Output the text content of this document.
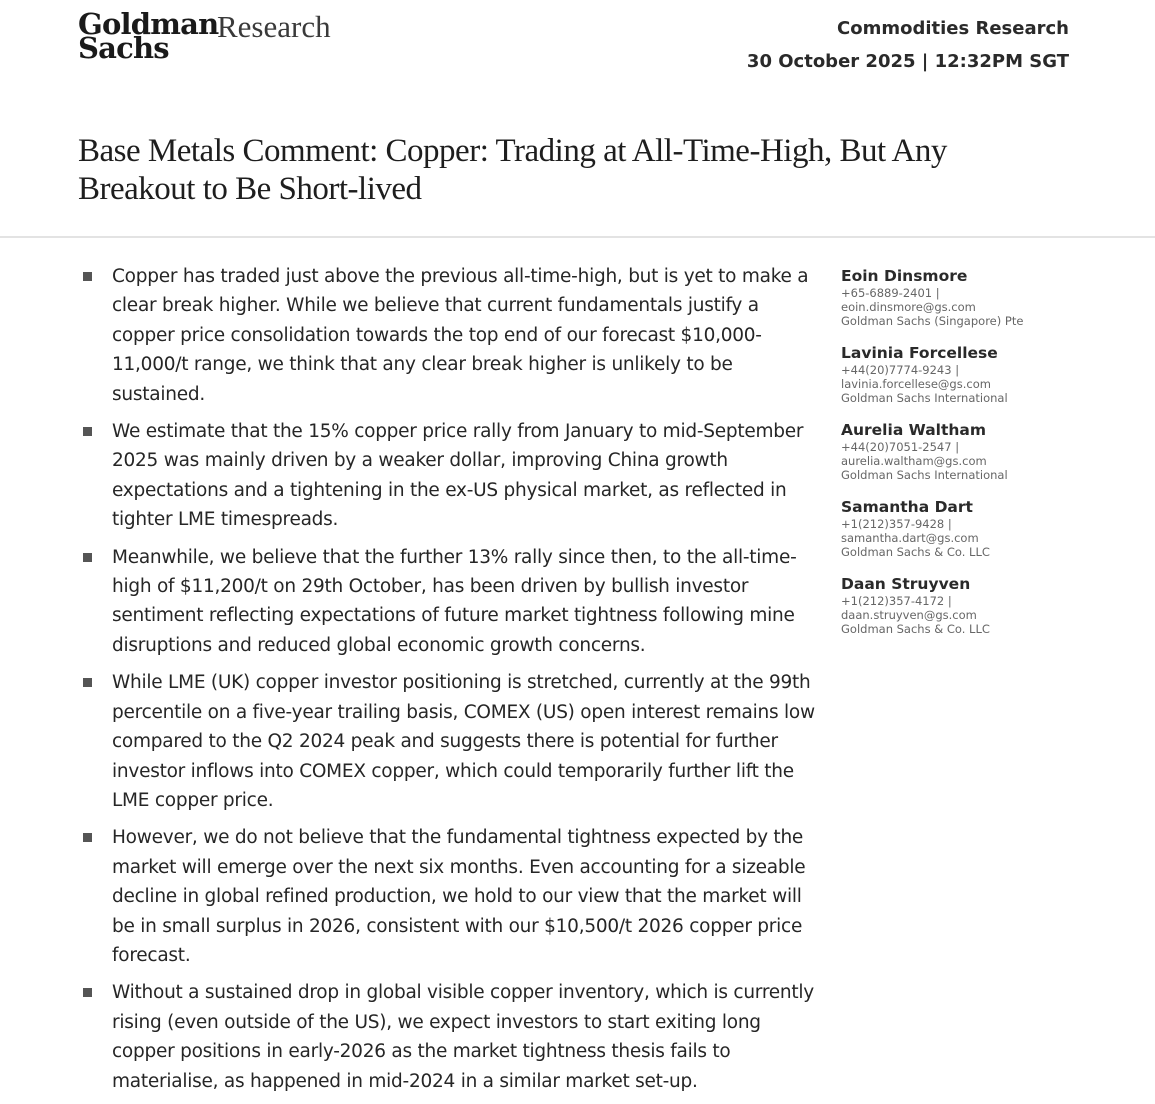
Goldman
Sachs
Research	Commodities Research
30 October 2025 | 12:32PM SGT
Base Metals Comment: Copper: Trading at All-Time-High, But Any
Breakout to Be Short-lived
Copper has traded just above the previous all-time-high, but is yet to make a clear break higher. While we believe that current fundamentals justify a copper price consolidation towards the top end of our forecast $10,000-11,000/t range, we think that any clear break higher is unlikely to be sustained.
We estimate that the 15% copper price rally from January to mid-September 2025 was mainly driven by a weaker dollar, improving China growth expectations and a tightening in the ex-US physical market, as reflected in tighter LME timespreads.
Meanwhile, we believe that the further 13% rally since then, to the all-time-high of $11,200/t on 29th October, has been driven by bullish investor sentiment reflecting expectations of future market tightness following mine disruptions and reduced global economic growth concerns.
While LME (UK) copper investor positioning is stretched, currently at the 99th percentile on a five-year trailing basis, COMEX (US) open interest remains low compared to the Q2 2024 peak and suggests there is potential for further investor inflows into COMEX copper, which could temporarily further lift the LME copper price.
However, we do not believe that the fundamental tightness expected by the market will emerge over the next six months. Even accounting for a sizeable decline in global refined production, we hold to our view that the market will be in small surplus in 2026, consistent with our $10,500/t 2026 copper price forecast.
Without a sustained drop in global visible copper inventory, which is currently rising (even outside of the US), we expect investors to start exiting long copper positions in early-2026 as the market tightness thesis fails to materialise, as happened in mid-2024 in a similar market set-up.
Eoin Dinsmore
+65-6889-2401 |
eoin.dinsmore@gs.com
Goldman Sachs (Singapore) Pte
Lavinia Forcellese
+44(20)7774-9243 |
lavinia.forcellese@gs.com
Goldman Sachs International
Aurelia Waltham
+44(20)7051-2547 |
aurelia.waltham@gs.com
Goldman Sachs International
Samantha Dart
+1(212)357-9428 |
samantha.dart@gs.com
Goldman Sachs & Co. LLC
Daan Struyven
+1(212)357-4172 |
daan.struyven@gs.com
Goldman Sachs & Co. LLC
